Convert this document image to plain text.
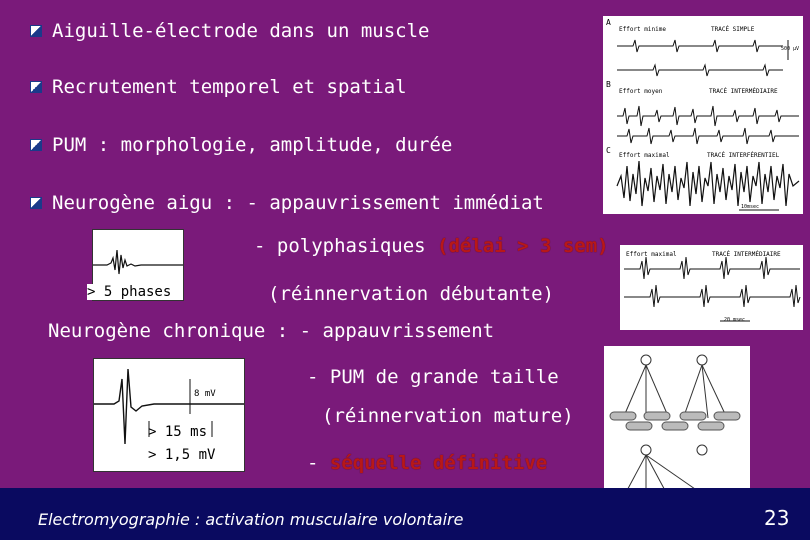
Aiguille-électrode dans un muscle
Recrutement temporel et spatial
PUM : morphologie, amplitude, durée
Neurogène aigu : - appauvrissement immédiat
- polyphasiques (délai > 3 sem)
(réinnervation débutante)
> 5 phases
Neurogène chronique : - appauvrissement
- PUM de grande taille
(réinnervation mature)
- séquelle définitive
8 mV
> 15 ms
> 1,5 mV
A
Effort minime	TRACÉ SIMPLE
500 µV
B
Effort moyen	TRACÉ INTERMÉDIAIRE
C
Effort maximal	TRACÉ INTERFÉRENTIEL
10msec
Effort maximal	TRACÉ INTERMÉDIAIRE
20 msec
Electromyographie : activation musculaire volontaire	23
